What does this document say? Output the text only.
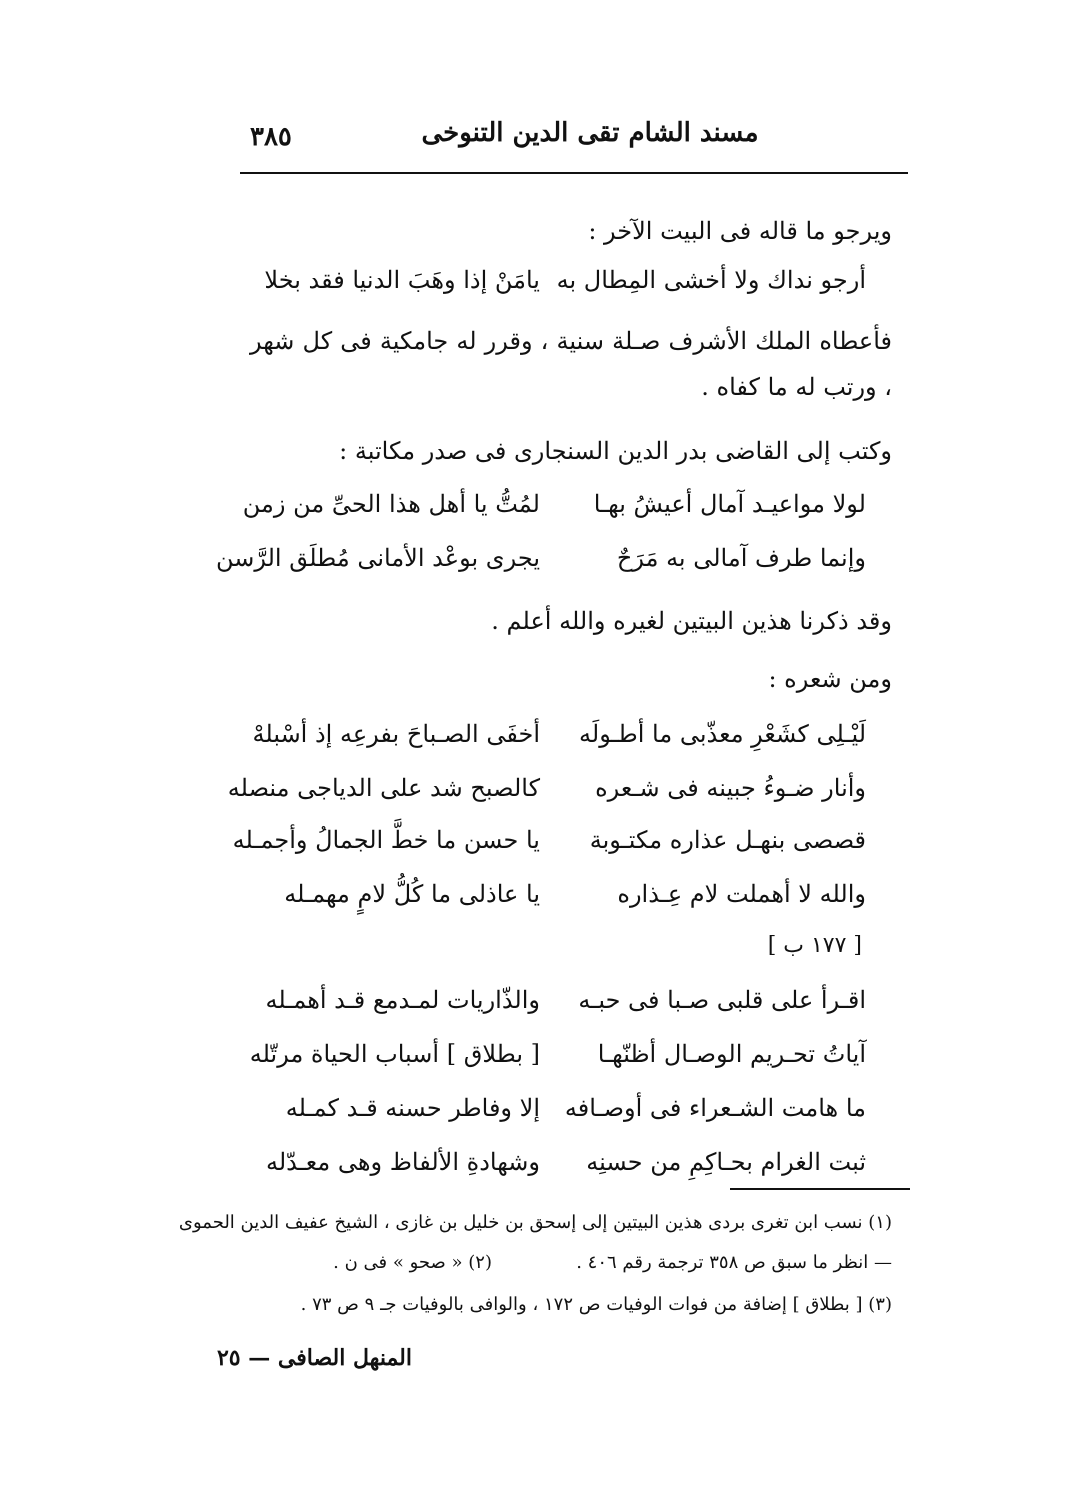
مسند الشام تقى الدين التنوخى
٣٨٥

ويرجو ما قاله فى البيت الآخر :

أرجو نداك ولا أخشى المِطال به
يامَنْ إذا وهَبَ الدنيا فقد بخلا

فأعطاه الملك الأشرف صـلة سنية ، وقرر له جامكية فى كل شهر ، ورتب له ما كفاه .

وكتب إلى القاضى بدر الدين السنجارى فى صدر مكاتبة :

لولا مواعيـد آمال أعيشُ بهـا
لمُتُّ يا أهل هذا الحىِّ من زمن
وإنما طرف آمالى به مَرَحٌ
يجرى بوعْد الأمانى مُطلَق الرَّسن

وقد ذكرنا هذين البيتين لغيره والله أعلم .

ومن شعره :

لَيْـلِى كشَعْرِ معذّبى ما أطـولَه
أخفَى الصـباحَ بفرعِه إذ أسْبلهْ
وأنار ضـوءُ جبينه فى شـعره
كالصبح شد على الدياجى منصله
قصصى بنهـل عذاره مكتـوبة
يا حسن ما خطَّ الجمالُ وأجمـله
والله لا أهملت لام عِـذاره
يا عاذلى ما كُلُّ لامٍ مهمـله
[ ١٧٧ ب ]
اقـرأ على قلبى صـبا فى حبـه
والذّاريات لمـدمع قـد أهمـله
آياتُ تحـريم الوصـال أظنّهـا
[ بطلاق ] أسباب الحياة مرتّله
ما هامت الشـعراء فى أوصـافه
إلا وفاطر حسنه قـد كمـله
ثبت الغرام بحـاكِمِ من حسنِه
وشهادةِ الألفاظ وهى معـدّله
(١) نسب ابن تغرى بردى هذين البيتين إلى إسحق بن خليل بن غازى ، الشيخ عفيف الدين الحموى
— انظر ما سبق ص ٣٥٨ ترجمة رقم ٤٠٦ .
(٢) « صحو » فى ن .
(٣) [ بطلاق ] إضافة من فوات الوفيات ص ١٧٢ ، والوافى بالوفيات جـ ٩ ص ٧٣ .
المنهل الصافى — ٢٥
